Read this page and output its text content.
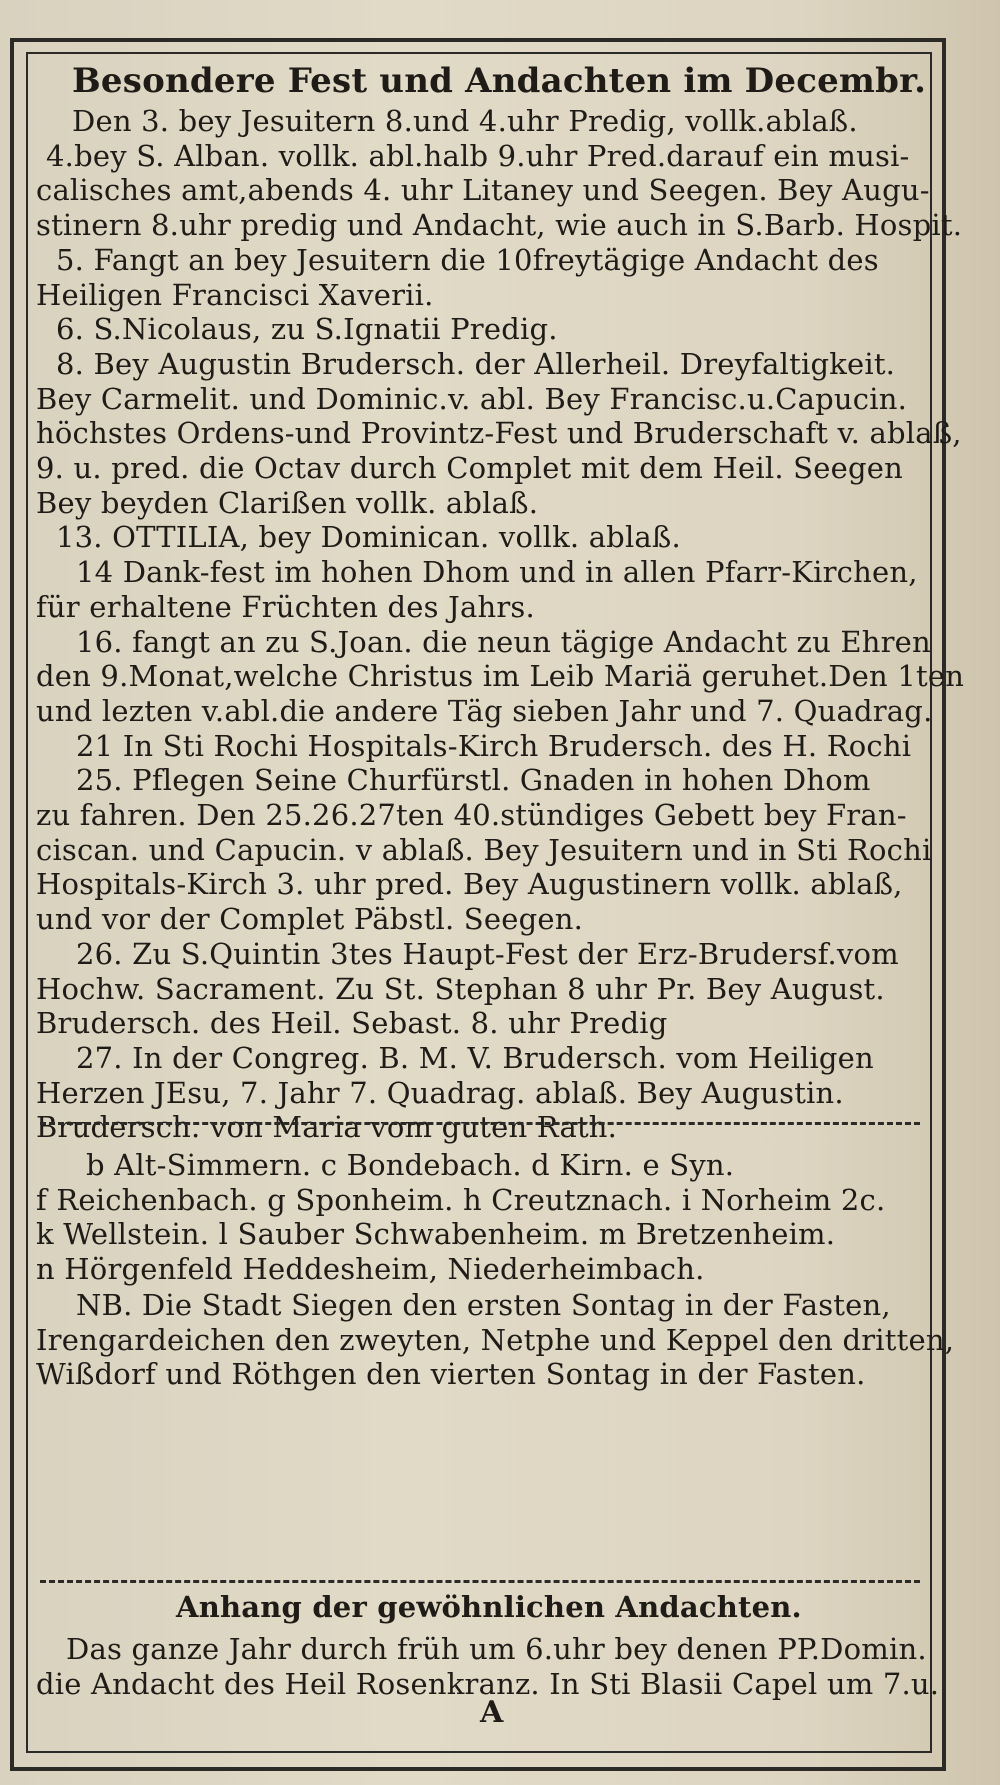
Besondere Fest und Andachten im Decembr.
Den 3. bey Jesuitern 8.und 4.uhr Predig, vollk.ablaß.
4.bey S. Alban. vollk. abl.halb 9.uhr Pred.darauf ein musi-
calisches amt,abends 4. uhr Litaney und Seegen. Bey Augu-
stinern 8.uhr predig und Andacht, wie auch in S.Barb. Hospit.
5. Fangt an bey Jesuitern die 10freytägige Andacht des
Heiligen Francisci Xaverii.
6. S.Nicolaus, zu S.Ignatii Predig.
8. Bey Augustin Brudersch. der Allerheil. Dreyfaltigkeit.
Bey Carmelit. und Dominic.v. abl. Bey Francisc.u.Capucin.
höchstes Ordens-und Provintz-Fest und Bruderschaft v. ablaß,
9. u. pred. die Octav durch Complet mit dem Heil. Seegen
Bey beyden Clarißen vollk. ablaß.
13. OTTILIA, bey Dominican. vollk. ablaß.
14 Dank-fest im hohen Dhom und in allen Pfarr-Kirchen,
für erhaltene Früchten des Jahrs.
16. fangt an zu S.Joan. die neun tägige Andacht zu Ehren
den 9.Monat,welche Christus im Leib Mariä geruhet.Den 1ten
und lezten v.abl.die andere Täg sieben Jahr und 7. Quadrag.
21 In Sti Rochi Hospitals-Kirch Brudersch. des H. Rochi
25. Pflegen Seine Churfürstl. Gnaden in hohen Dhom
zu fahren. Den 25.26.27ten 40.stündiges Gebett bey Fran-
ciscan. und Capucin. v ablaß. Bey Jesuitern und in Sti Rochi
Hospitals-Kirch 3. uhr pred. Bey Augustinern vollk. ablaß,
und vor der Complet Päbstl. Seegen.
26. Zu S.Quintin 3tes Haupt-Fest der Erz-Brudersf.vom
Hochw. Sacrament. Zu St. Stephan 8 uhr Pr. Bey August.
Brudersch. des Heil. Sebast. 8. uhr Predig
27. In der Congreg. B. M. V. Brudersch. vom Heiligen
Herzen JEsu, 7. Jahr 7. Quadrag. ablaß. Bey Augustin.
Brudersch. von Maria vom guten Rath.
b Alt-Simmern. c Bondebach. d Kirn. e Syn.
f Reichenbach. g Sponheim. h Creutznach. i Norheim 2c.
k Wellstein. l Sauber Schwabenheim. m Bretzenheim.
n Hörgenfeld Heddesheim, Niederheimbach.
NB. Die Stadt Siegen den ersten Sontag in der Fasten,
Irengardeichen den zweyten, Netphe und Keppel den dritten,
Wißdorf und Röthgen den vierten Sontag in der Fasten.
Anhang der gewöhnlichen Andachten.
Das ganze Jahr durch früh um 6.uhr bey denen PP.Domin.
die Andacht des Heil Rosenkranz. In Sti Blasii Capel um 7.u.
A
